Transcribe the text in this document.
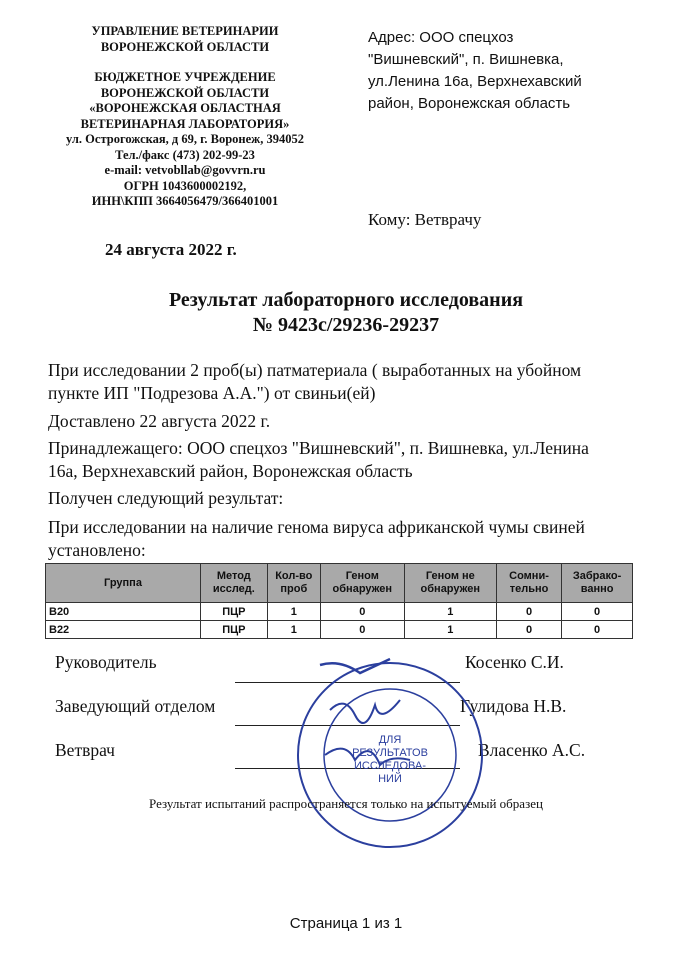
УПРАВЛЕНИЕ ВЕТЕРИНАРИИ
ВОРОНЕЖСКОЙ ОБЛАСТИ
БЮДЖЕТНОЕ УЧРЕЖДЕНИЕ
ВОРОНЕЖСКОЙ ОБЛАСТИ
«ВОРОНЕЖСКАЯ ОБЛАСТНАЯ
ВЕТЕРИНАРНАЯ ЛАБОРАТОРИЯ»
ул. Острогожская, д 69, г. Воронеж, 394052
Тел./факс (473) 202-99-23
e-mail: vetvobllab@govvrn.ru
ОГРН 1043600002192,
ИНН\КПП 3664056479/366401001
Адрес: ООО спецхоз
"Вишневский", п. Вишневка,
ул.Ленина 16а, Верхнехавский
район, Воронежская область
Кому: Ветврачу
24 августа 2022 г.
Результат лабораторного исследования
№ 9423с/29236-29237
При исследовании 2 проб(ы) патматериала ( выработанных на убойном пункте ИП "Подрезова А.А.") от свиньи(ей)
Доставлено 22 августа 2022 г.
Принадлежащего: ООО спецхоз "Вишневский", п. Вишневка, ул.Ленина 16а, Верхнехавский район, Воронежская область
Получен следующий результат:
При исследовании на наличие генома вируса африканской чумы свиней установлено:
Группа	Метод исслед.	Кол-во проб	Геном обнаружен	Геном не обнаружен	Сомни-тельно	Забрако-ванно
В20	ПЦР	1	0	1	0	0
В22	ПЦР	1	0	1	0	0
Руководитель	Косенко С.И.
Заведующий отделом	Гулидова Н.В.
Ветврач	Власенко А.С.
ДЛЯ
РЕЗУЛЬТАТОВ
ИССЛЕДОВА-
НИЙ
Результат испытаний распространяется только на испытуемый образец
Страница 1 из 1
